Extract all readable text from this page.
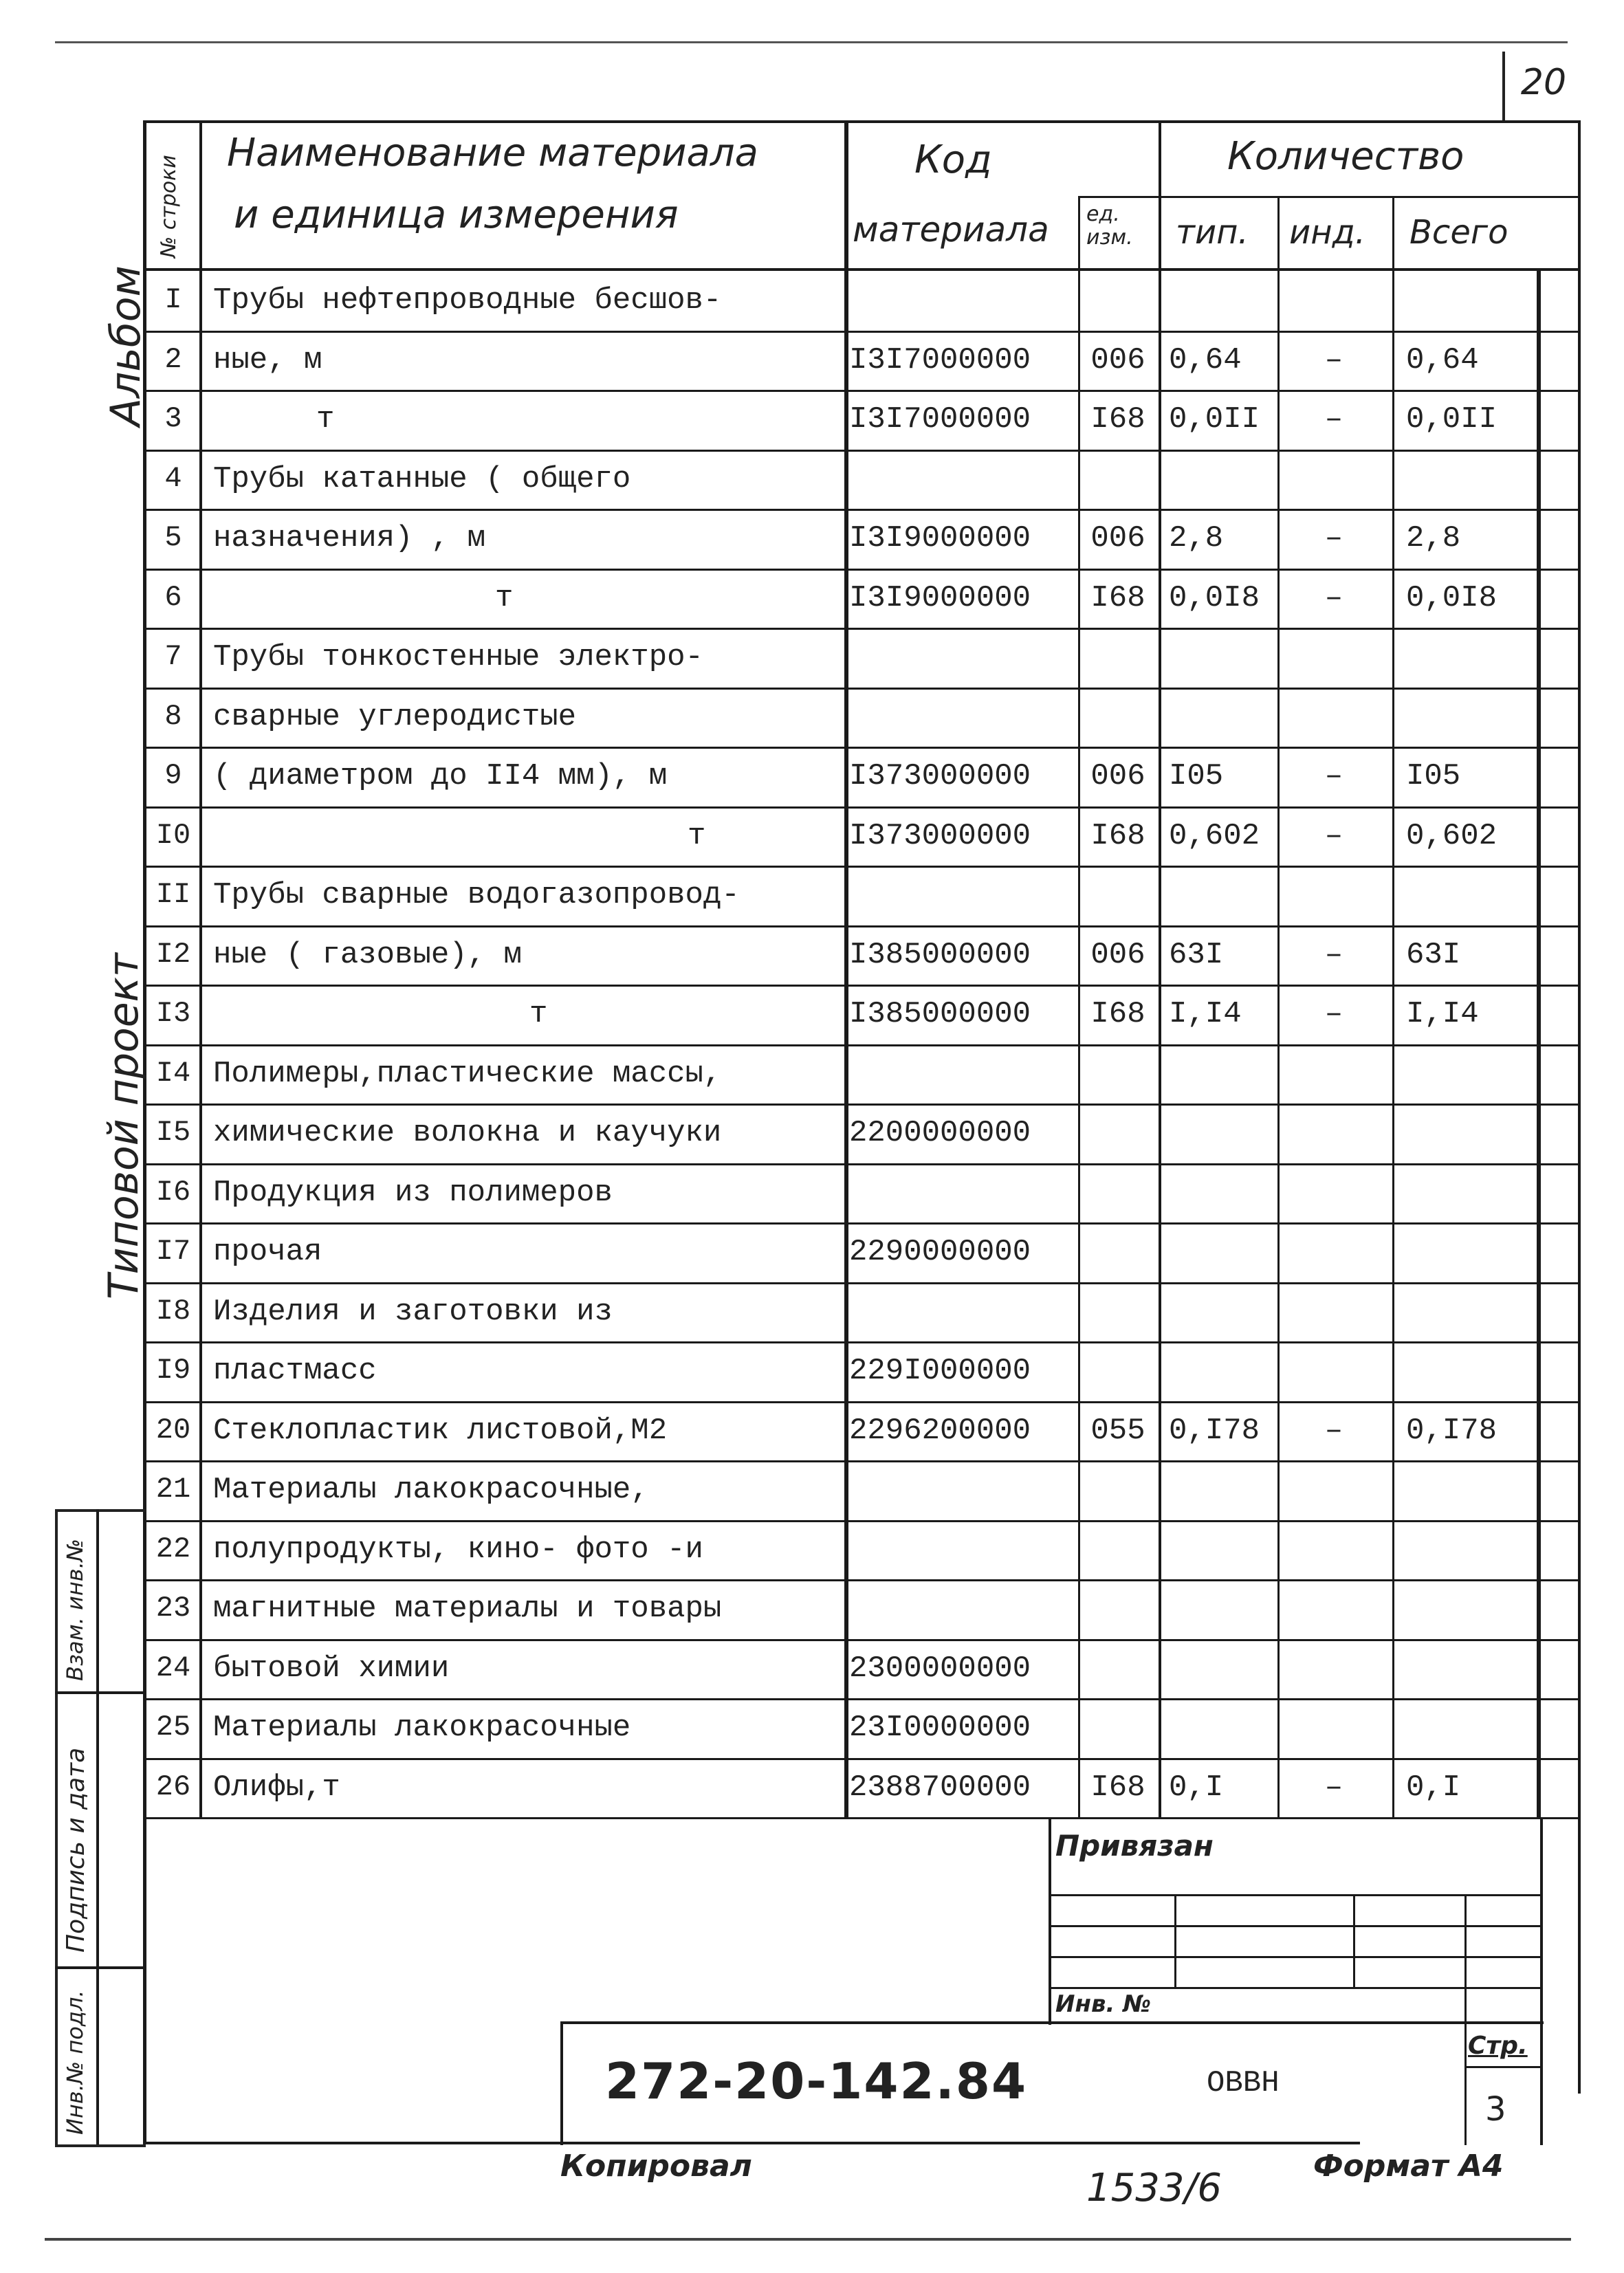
20
№ строки
Наименование материала
и единица измерения
Код
материала ед. изм.
Количество
тип. инд. Всего
I	Трубы нефтепроводные бесшов-
2	ные, м	I3I7000000	006 0,64	–	0,64
3	т	I3I7000000	I68 0,0II	–	0,0II
4	Трубы катанные ( общего
5	назначения) , м	I3I9000000	006 2,8	–	2,8
6	т	I3I9000000	I68 0,0I8	–	0,0I8
7	Трубы тонкостенные электро-
8	сварные углеродистые
9	( диаметром до II4 мм), м	I373000000	006 I05	–	I05
I0	т	I373000000	I68 0,602	–	0,602
II Трубы сварные водогазопровод-
I2 ные ( газовые), м	I385000000	006 63I	–	63I
I3	т	I385000000	I68 I,I4	–	I,I4
I4 Полимеры,пластические массы,
I5 химические волокна и каучуки	2200000000
I6 Продукция из полимеров
I7 прочая	2290000000
I8 Изделия и заготовки из
I9 пластмасс	229I000000
20 Стеклопластик листовой,М2	2296200000	055 0,I78	–	0,I78
21 Материалы лакокрасочные,
22 полупродукты, кино- фото -и
23 магнитные материалы и товары
24 бытовой химии	2300000000
25 Материалы лакокрасочные	23I0000000
26 Олифы,т	2388700000	I68 0,I	–	0,I
Альбом
Типовой проект
Взам. инв.№
Подпись и дата
Инв.№ подл.
Привязан
Инв. №
272-20-142.84	ОВВН
Стр.
3
Копировал	1533/6	Формат А4
